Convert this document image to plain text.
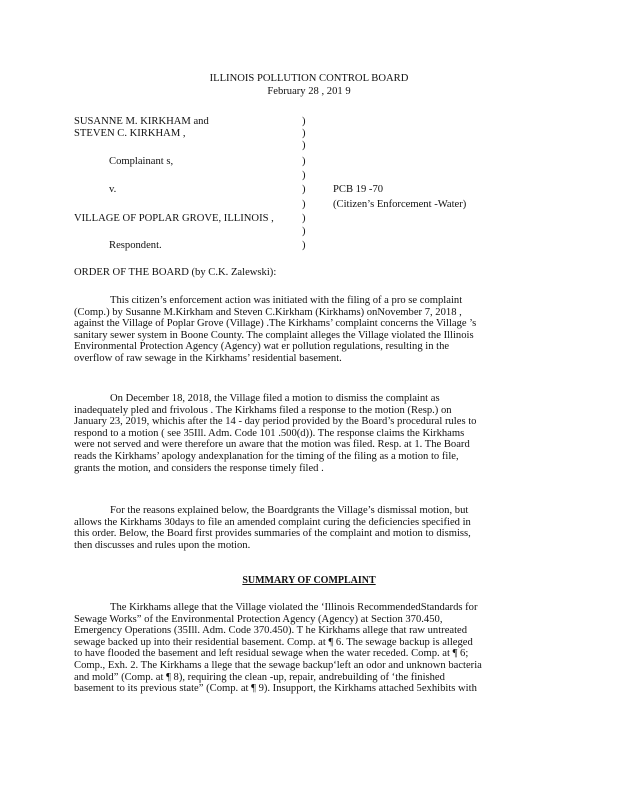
ILLINOIS POLLUTION CONTROL BOARD
February 28 , 201 9
SUSANNE M. KIRKHAM and
STEVEN C. KIRKHAM ,
Complainant s,
v.
VILLAGE OF POPLAR GROVE, ILLINOIS ,
Respondent.
)
)
)
)
)
)
)
)
)
)
PCB 19 -70
(Citizen’s Enforcement -Water)
ORDER OF THE BOARD (by C.K. Zalewski):
This citizen’s enforcement action was initiated with the filing of a pro se complaint
(Comp.) by Susanne M.Kirkham and Steven C.Kirkham (Kirkhams) onNovember 7, 2018 ,
against the Village of Poplar Grove (Village) .The Kirkhams’ complaint concerns the Village ’s
sanitary sewer system in Boone County. The complaint alleges the Village violated the Illinois
Environmental Protection Agency (Agency) wat er pollution regulations, resulting in the
overflow of raw sewage in the Kirkhams’ residential basement.
On December 18, 2018, the Village filed a motion to dismiss the complaint as
inadequately pled and frivolous . The Kirkhams filed a response to the motion (Resp.) on
January 23, 2019, whichis after the 14 - day period provided by the Board’s procedural rules to
respond to a motion ( see 35Ill. Adm. Code 101 .500(d)). The response claims the Kirkhams
were not served and were therefore un aware that the motion was filed. Resp. at 1. The Board
reads the Kirkhams’ apology andexplanation for the timing of the filing as a motion to file,
grants the motion, and considers the response timely filed .
For the reasons explained below, the Boardgrants the Village’s dismissal motion, but
allows the Kirkhams 30days to file an amended complaint curing the deficiencies specified in
this order. Below, the Board first provides summaries of the complaint and motion to dismiss,
then discusses and rules upon the motion.
SUMMARY OF COMPLAINT
The Kirkhams allege that the Village violated the ‘Illinois RecommendedStandards for
Sewage Works” of the Environmental Protection Agency (Agency) at Section 370.450,
Emergency Operations (35Ill. Adm. Code 370.450). T he Kirkhams allege that raw untreated
sewage backed up into their residential basement. Comp. at ¶ 6. The sewage backup is alleged
to have flooded the basement and left residual sewage when the water receded. Comp. at ¶ 6;
Comp., Exh. 2. The Kirkhams a llege that the sewage backup‘left an odor and unknown bacteria
and mold” (Comp. at ¶ 8), requiring the clean -up, repair, andrebuilding of ‘the finished
basement to its previous state” (Comp. at ¶ 9). Insupport, the Kirkhams attached 5exhibits with
